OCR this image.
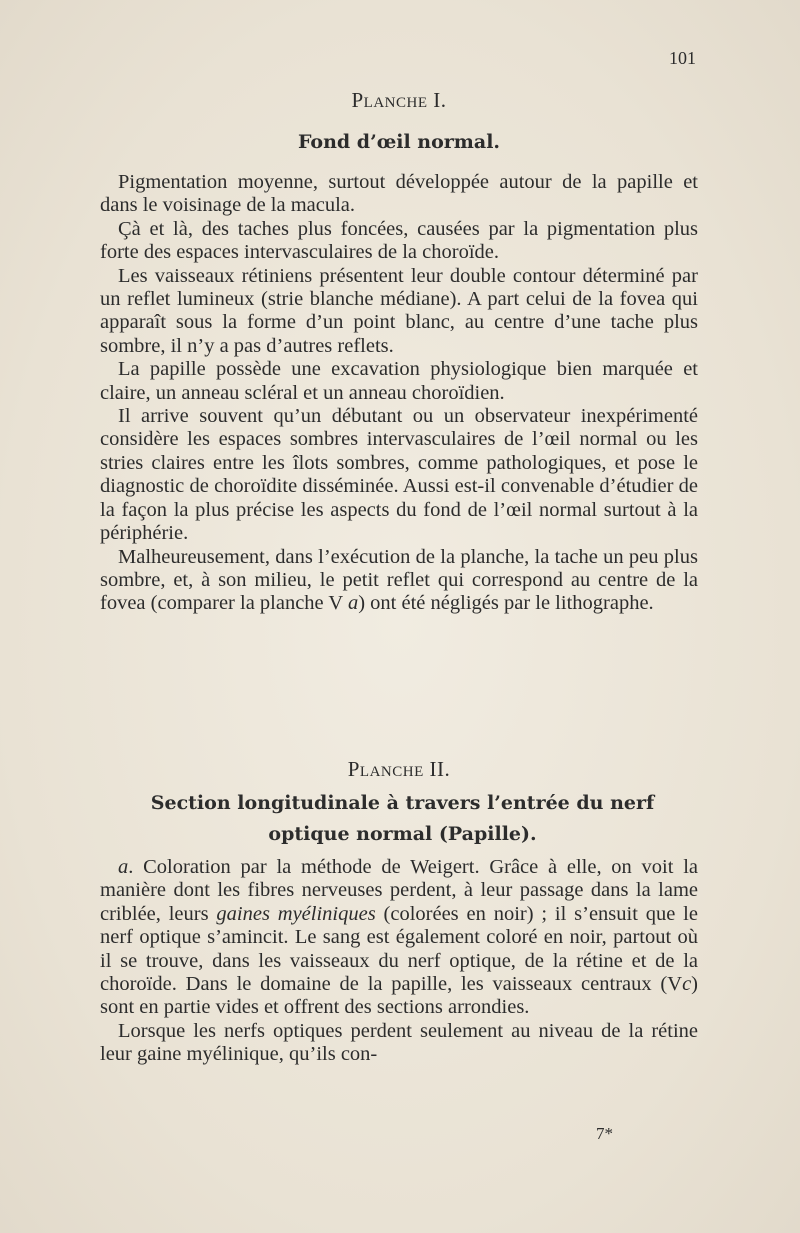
101
Planche I.
Fond d’œil normal.

Pigmentation moyenne, surtout développée autour de la papille et dans le voisinage de la macula.

Çà et là, des taches plus foncées, causées par la pigmentation plus forte des espaces intervasculaires de la choroïde.

Les vaisseaux rétiniens présentent leur double contour déterminé par un reflet lumineux (strie blanche médiane). A part celui de la fovea qui apparaît sous la forme d’un point blanc, au centre d’une tache plus sombre, il n’y a pas d’autres reflets.

La papille possède une excavation physiologique bien marquée et claire, un anneau scléral et un anneau choroïdien.

Il arrive souvent qu’un débutant ou un observateur inexpérimenté considère les espaces sombres intervasculaires de l’œil normal ou les stries claires entre les îlots sombres, comme pathologiques, et pose le diagnostic de choroïdite disséminée. Aussi est-il convenable d’étudier de la façon la plus précise les aspects du fond de l’œil normal surtout à la périphérie.

Malheureusement, dans l’exécution de la planche, la tache un peu plus sombre, et, à son milieu, le petit reflet qui correspond au centre de la fovea (comparer la planche V a) ont été négligés par le lithographe.

Planche II.
Section longitudinale à travers l’entrée du nerf optique normal (Papille).

a. Coloration par la méthode de Weigert. Grâce à elle, on voit la manière dont les fibres nerveuses perdent, à leur passage dans la lame criblée, leurs gaines myéliniques (colorées en noir) ; il s’ensuit que le nerf optique s’amincit. Le sang est également coloré en noir, partout où il se trouve, dans les vaisseaux du nerf optique, de la rétine et de la choroïde. Dans le domaine de la papille, les vaisseaux centraux (Vc) sont en partie vides et offrent des sections arrondies.

Lorsque les nerfs optiques perdent seulement au niveau de la rétine leur gaine myélinique, qu’ils con-

7*
